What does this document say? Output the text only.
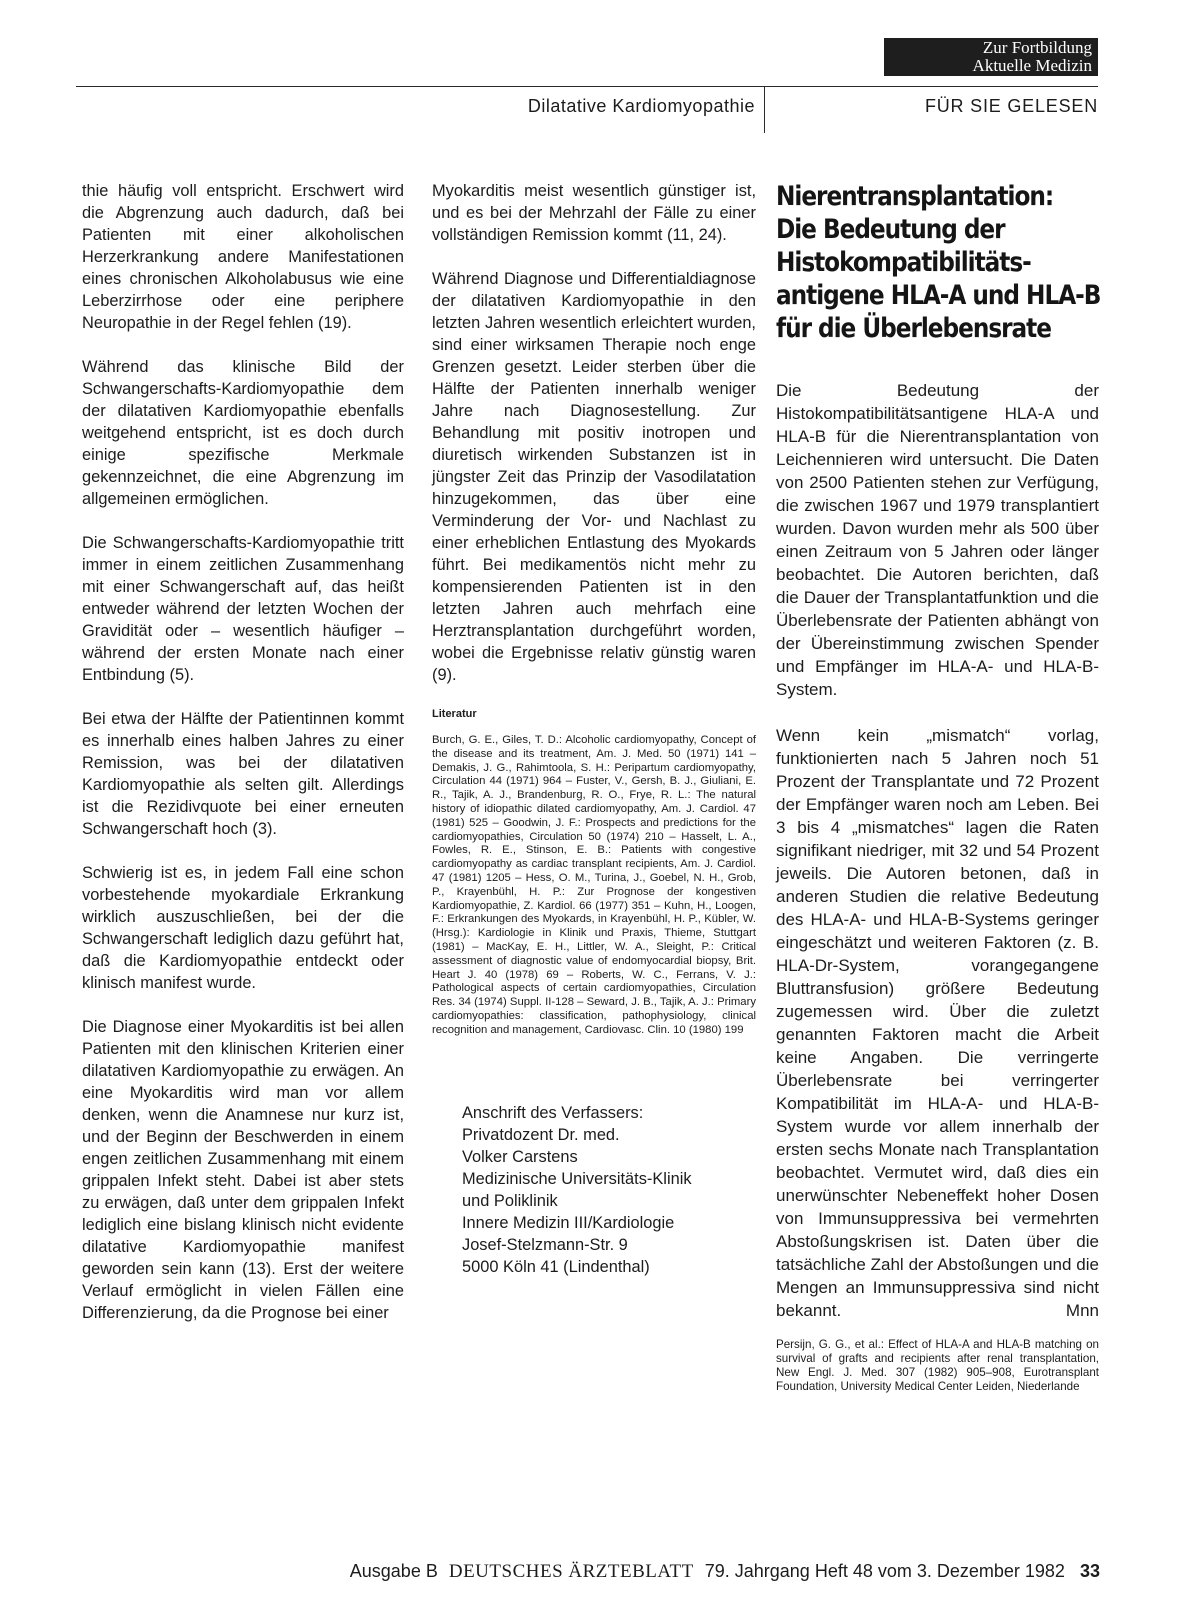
Zur Fortbildung
Aktuelle Medizin
Dilatative Kardiomyopathie	FÜR SIE GELESEN

thie häufig voll entspricht. Erschwert wird die Abgrenzung auch dadurch, daß bei Patienten mit einer alkoholischen Herzerkrankung andere Manifestationen eines chronischen Alkoholabusus wie eine Leberzirrhose oder eine periphere Neuropathie in der Regel fehlen (19).

Während das klinische Bild der Schwangerschafts-Kardiomyopathie dem der dilatativen Kardiomyopathie ebenfalls weitgehend entspricht, ist es doch durch einige spezifische Merkmale gekennzeichnet, die eine Abgrenzung im allgemeinen ermöglichen.

Die Schwangerschafts-Kardiomyopathie tritt immer in einem zeitlichen Zusammenhang mit einer Schwangerschaft auf, das heißt entweder während der letzten Wochen der Gravidität oder – wesentlich häufiger – während der ersten Monate nach einer Entbindung (5).

Bei etwa der Hälfte der Patientinnen kommt es innerhalb eines halben Jahres zu einer Remission, was bei der dilatativen Kardiomyopathie als selten gilt. Allerdings ist die Rezidivquote bei einer erneuten Schwangerschaft hoch (3).

Schwierig ist es, in jedem Fall eine schon vorbestehende myokardiale Erkrankung wirklich auszuschließen, bei der die Schwangerschaft lediglich dazu geführt hat, daß die Kardiomyopathie entdeckt oder klinisch manifest wurde.

Die Diagnose einer Myokarditis ist bei allen Patienten mit den klinischen Kriterien einer dilatativen Kardiomyopathie zu erwägen. An eine Myokarditis wird man vor allem denken, wenn die Anamnese nur kurz ist, und der Beginn der Beschwerden in einem engen zeitlichen Zusammenhang mit einem grippalen Infekt steht. Dabei ist aber stets zu erwägen, daß unter dem grippalen Infekt lediglich eine bislang klinisch nicht evidente dilatative Kardiomyopathie manifest geworden sein kann (13). Erst der weitere Verlauf ermöglicht in vielen Fällen eine Differenzierung, da die Prognose bei einer

Myokarditis meist wesentlich günstiger ist, und es bei der Mehrzahl der Fälle zu einer vollständigen Remission kommt (11, 24).

Während Diagnose und Differentialdiagnose der dilatativen Kardiomyopathie in den letzten Jahren wesentlich erleichtert wurden, sind einer wirksamen Therapie noch enge Grenzen gesetzt. Leider sterben über die Hälfte der Patienten innerhalb weniger Jahre nach Diagnosestellung. Zur Behandlung mit positiv inotropen und diuretisch wirkenden Substanzen ist in jüngster Zeit das Prinzip der Vasodilatation hinzugekommen, das über eine Verminderung der Vor- und Nachlast zu einer erheblichen Entlastung des Myokards führt. Bei medikamentös nicht mehr zu kompensierenden Patienten ist in den letzten Jahren auch mehrfach eine Herztransplantation durchgeführt worden, wobei die Ergebnisse relativ günstig waren (9).

Literatur
Burch, G. E., Giles, T. D.: Alcoholic cardiomyopathy, Concept of the disease and its treatment, Am. J. Med. 50 (1971) 141 – Demakis, J. G., Rahimtoola, S. H.: Peripartum cardiomyopathy, Circulation 44 (1971) 964 – Fuster, V., Gersh, B. J., Giuliani, E. R., Tajik, A. J., Brandenburg, R. O., Frye, R. L.: The natural history of idiopathic dilated cardiomyopathy, Am. J. Cardiol. 47 (1981) 525 – Goodwin, J. F.: Prospects and predictions for the cardiomyopathies, Circulation 50 (1974) 210 – Hasselt, L. A., Fowles, R. E., Stinson, E. B.: Patients with congestive cardiomyopathy as cardiac transplant recipients, Am. J. Cardiol. 47 (1981) 1205 – Hess, O. M., Turina, J., Goebel, N. H., Grob, P., Krayenbühl, H. P.: Zur Prognose der kongestiven Kardiomyopathie, Z. Kardiol. 66 (1977) 351 – Kuhn, H., Loogen, F.: Erkrankungen des Myokards, in Krayenbühl, H. P., Kübler, W. (Hrsg.): Kardiologie in Klinik und Praxis, Thieme, Stuttgart (1981) – MacKay, E. H., Littler, W. A., Sleight, P.: Critical assessment of diagnostic value of endomyocardial biopsy, Brit. Heart J. 40 (1978) 69 – Roberts, W. C., Ferrans, V. J.: Pathological aspects of certain cardiomyopathies, Circulation Res. 34 (1974) Suppl. II-128 – Seward, J. B., Tajik, A. J.: Primary cardiomyopathies: classification, pathophysiology, clinical recognition and management, Cardiovasc. Clin. 10 (1980) 199
Anschrift des Verfassers:
Privatdozent Dr. med.
Volker Carstens
Medizinische Universitäts-Klinik
und Poliklinik
Innere Medizin III/Kardiologie
Josef-Stelzmann-Str. 9
5000 Köln 41 (Lindenthal)
Nierentransplantation:
Die Bedeutung der
Histokompatibilitäts-
antigene HLA-A und HLA-B
für die Überlebensrate

Die Bedeutung der Histokompatibilitätsantigene HLA-A und HLA-B für die Nierentransplantation von Leichennieren wird untersucht. Die Daten von 2500 Patienten stehen zur Verfügung, die zwischen 1967 und 1979 transplantiert wurden. Davon wurden mehr als 500 über einen Zeitraum von 5 Jahren oder länger beobachtet. Die Autoren berichten, daß die Dauer der Transplantatfunktion und die Überlebensrate der Patienten abhängt von der Übereinstimmung zwischen Spender und Empfänger im HLA-A- und HLA-B-System.

Wenn kein „mismatch“ vorlag, funktionierten nach 5 Jahren noch 51 Prozent der Transplantate und 72 Prozent der Empfänger waren noch am Leben. Bei 3 bis 4 „mismatches“ lagen die Raten signifikant niedriger, mit 32 und 54 Prozent jeweils. Die Autoren betonen, daß in anderen Studien die relative Bedeutung des HLA-A- und HLA-B-Systems geringer eingeschätzt und weiteren Faktoren (z. B. HLA-Dr-System, vorangegangene Bluttransfusion) größere Bedeutung zugemessen wird. Über die zuletzt genannten Faktoren macht die Arbeit keine Angaben. Die verringerte Überlebensrate bei verringerter Kompatibilität im HLA-A- und HLA-B-System wurde vor allem innerhalb der ersten sechs Monate nach Transplantation beobachtet. Vermutet wird, daß dies ein unerwünschter Nebeneffekt hoher Dosen von Immunsuppressiva bei vermehrten Abstoßungskrisen ist. Daten über die tatsächliche Zahl der Abstoßungen und die Mengen an Immunsuppressiva sind nicht bekannt.	Mnn

Persijn, G. G., et al.: Effect of HLA-A and HLA-B matching on survival of grafts and recipients after renal transplantation, New Engl. J. Med. 307 (1982) 905–908, Eurotransplant Foundation, University Medical Center Leiden, Niederlande
Ausgabe B DEUTSCHES ÄRZTEBLATT 79. Jahrgang Heft 48 vom 3. Dezember 1982 33
